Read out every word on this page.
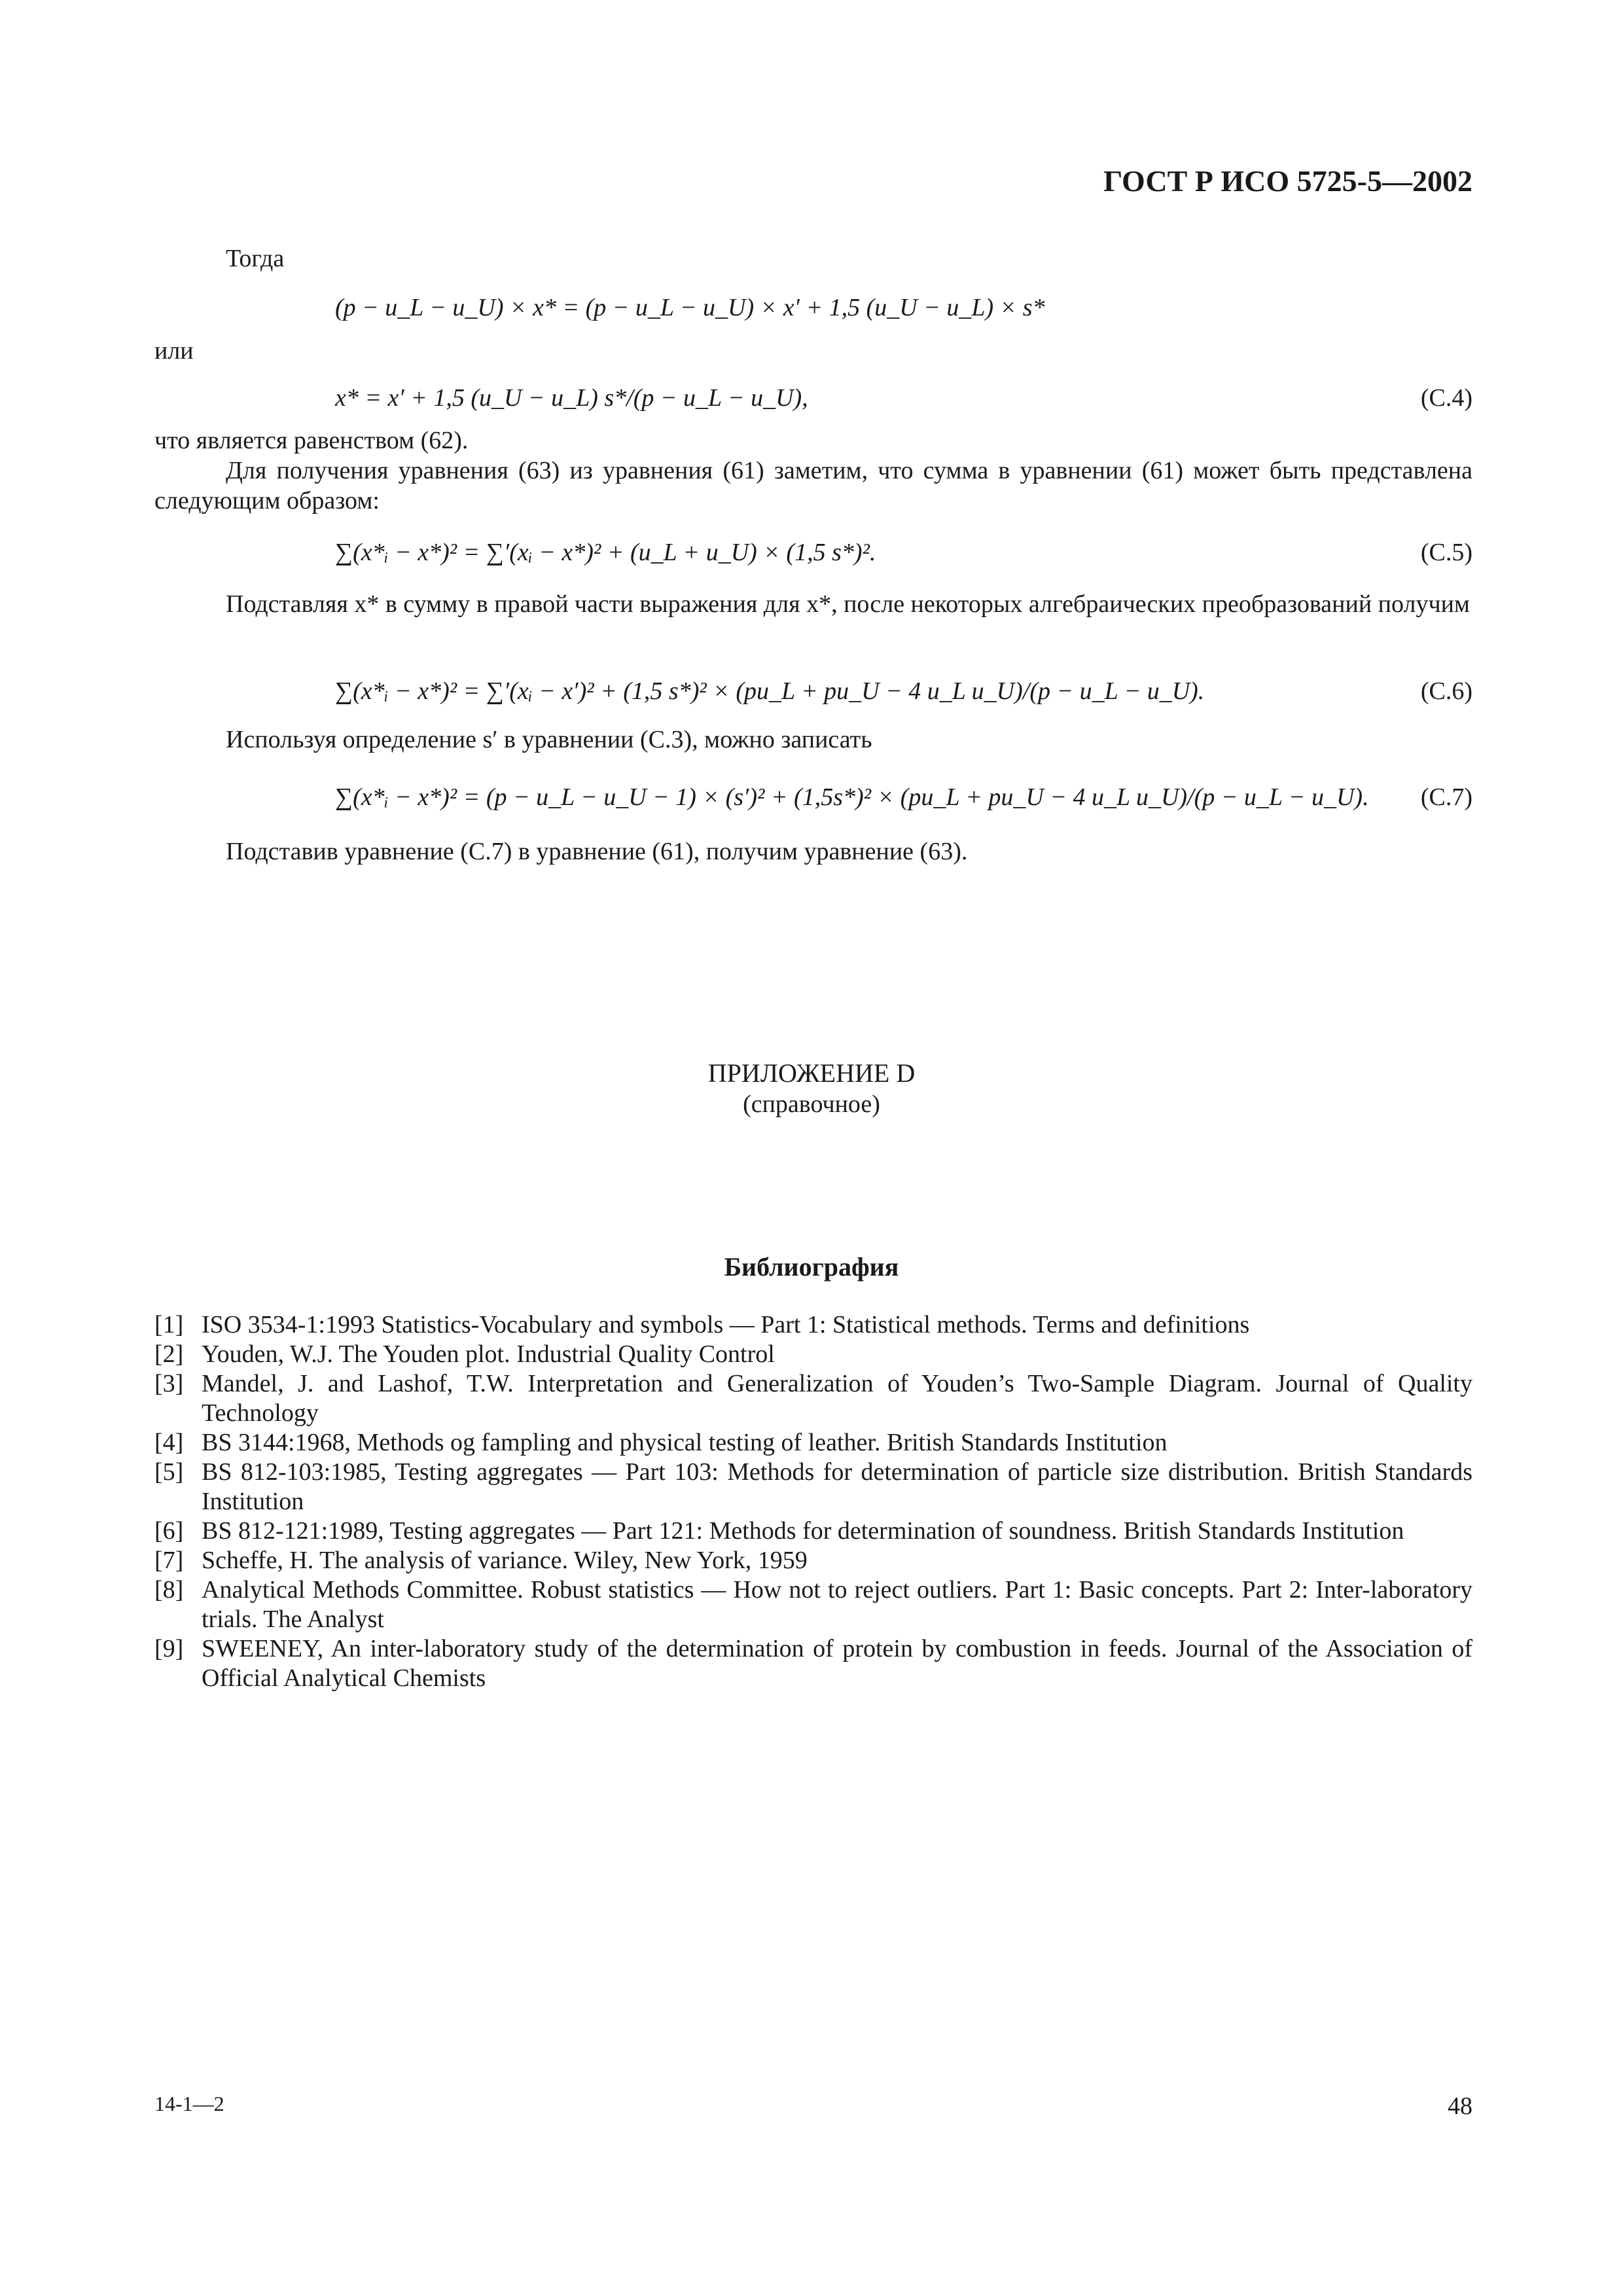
ГОСТ Р ИСО 5725-5—2002
Тогда
(p − u_L − u_U) × x* = (p − u_L − u_U) × x′ + 1,5 (u_U − u_L) × s*
или
x* = x′ + 1,5 (u_U − u_L) s*/(p − u_L − u_U),	(C.4)
что является равенством (62).
Для получения уравнения (63) из уравнения (61) заметим, что сумма в уравнении (61) может быть представлена следующим образом:
∑(x*ᵢ − x*)² = ∑′(xᵢ − x*)² + (u_L + u_U) × (1,5 s*)².	(C.5)
Подставляя x* в сумму в правой части выражения для x*, после некоторых алгебраических преобразований получим
∑(x*ᵢ − x*)² = ∑′(xᵢ − x′)² + (1,5 s*)² × (pu_L + pu_U − 4 u_L u_U)/(p − u_L − u_U).	(C.6)
Используя определение s′ в уравнении (C.3), можно записать
∑(x*ᵢ − x*)² = (p − u_L − u_U − 1) × (s′)² + (1,5s*)² × (pu_L + pu_U − 4 u_L u_U)/(p − u_L − u_U). (C.7)
Подставив уравнение (C.7) в уравнение (61), получим уравнение (63).
ПРИЛОЖЕНИЕ D
(справочное)
Библиография
[1] ISO 3534-1:1993 Statistics-Vocabulary and symbols — Part 1: Statistical methods. Terms and definitions
[2] Youden, W.J. The Youden plot. Industrial Quality Control
[3] Mandel, J. and Lashof, T.W. Interpretation and Generalization of Youden’s Two-Sample Diagram. Journal of Quality Technology
[4] BS 3144:1968, Methods og fampling and physical testing of leather. British Standards Institution
[5] BS 812-103:1985, Testing aggregates — Part 103: Methods for determination of particle size distribution. British Standards Institution
[6] BS 812-121:1989, Testing aggregates — Part 121: Methods for determination of soundness. British Standards Institution
[7] Scheffe, H. The analysis of variance. Wiley, New York, 1959
[8] Analytical Methods Committee. Robust statistics — How not to reject outliers. Part 1: Basic concepts. Part 2: Inter-laboratory trials. The Analyst
[9] SWEENEY, An inter-laboratory study of the determination of protein by combustion in feeds. Journal of the Association of Official Analytical Chemists
14-1—2	48
